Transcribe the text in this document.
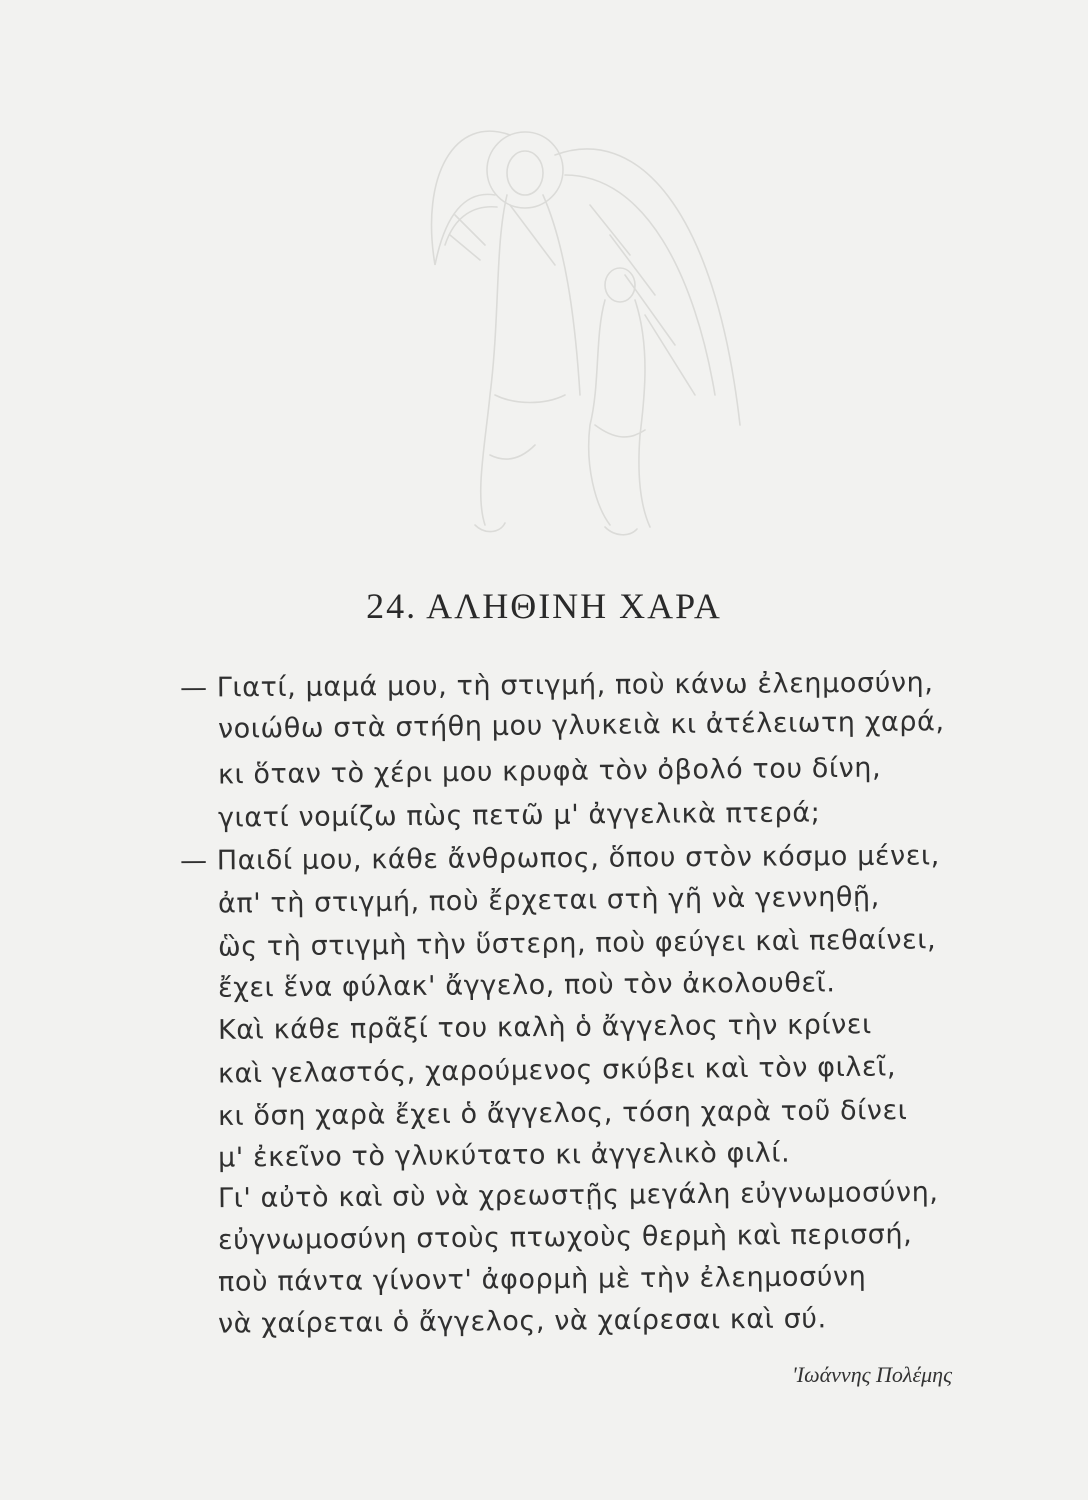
24. ΑΛΗΘΙΝΗ ΧΑΡΑ
— Γιατί, μαμά μου, τὴ στιγμή, ποὺ κάνω ἐλεημοσύνη,
νοιώθω στὰ στήθη μου γλυκειὰ κι ἀτέλειωτη χαρά,
κι ὅταν τὸ χέρι μου κρυφὰ τὸν ὀβολό του δίνη,
γιατί νομίζω πὼς πετῶ μ' ἀγγελικὰ πτερά;
— Παιδί μου, κάθε ἄνθρωπος, ὅπου στὸν κόσμο μένει,
ἀπ' τὴ στιγμή, ποὺ ἔρχεται στὴ γῆ νὰ γεννηθῇ,
ὣς τὴ στιγμὴ τὴν ὕστερη, ποὺ φεύγει καὶ πεθαίνει,
ἔχει ἕνα φύλακ' ἄγγελο, ποὺ τὸν ἀκολουθεῖ.
Καὶ κάθε πρᾶξί του καλὴ ὁ ἄγγελος τὴν κρίνει
καὶ γελαστός, χαρούμενος σκύβει καὶ τὸν φιλεῖ,
κι ὅση χαρὰ ἔχει ὁ ἄγγελος, τόση χαρὰ τοῦ δίνει
μ' ἐκεῖνο τὸ γλυκύτατο κι ἀγγελικὸ φιλί.
Γι' αὐτὸ καὶ σὺ νὰ χρεωστῇς μεγάλη εὐγνωμοσύνη,
εὐγνωμοσύνη στοὺς πτωχοὺς θερμὴ καὶ περισσή,
ποὺ πάντα γίνοντ' ἀφορμὴ μὲ τὴν ἐλεημοσύνη
νὰ χαίρεται ὁ ἄγγελος, νὰ χαίρεσαι καὶ σύ.
'Ιωάννης Πολέμης
